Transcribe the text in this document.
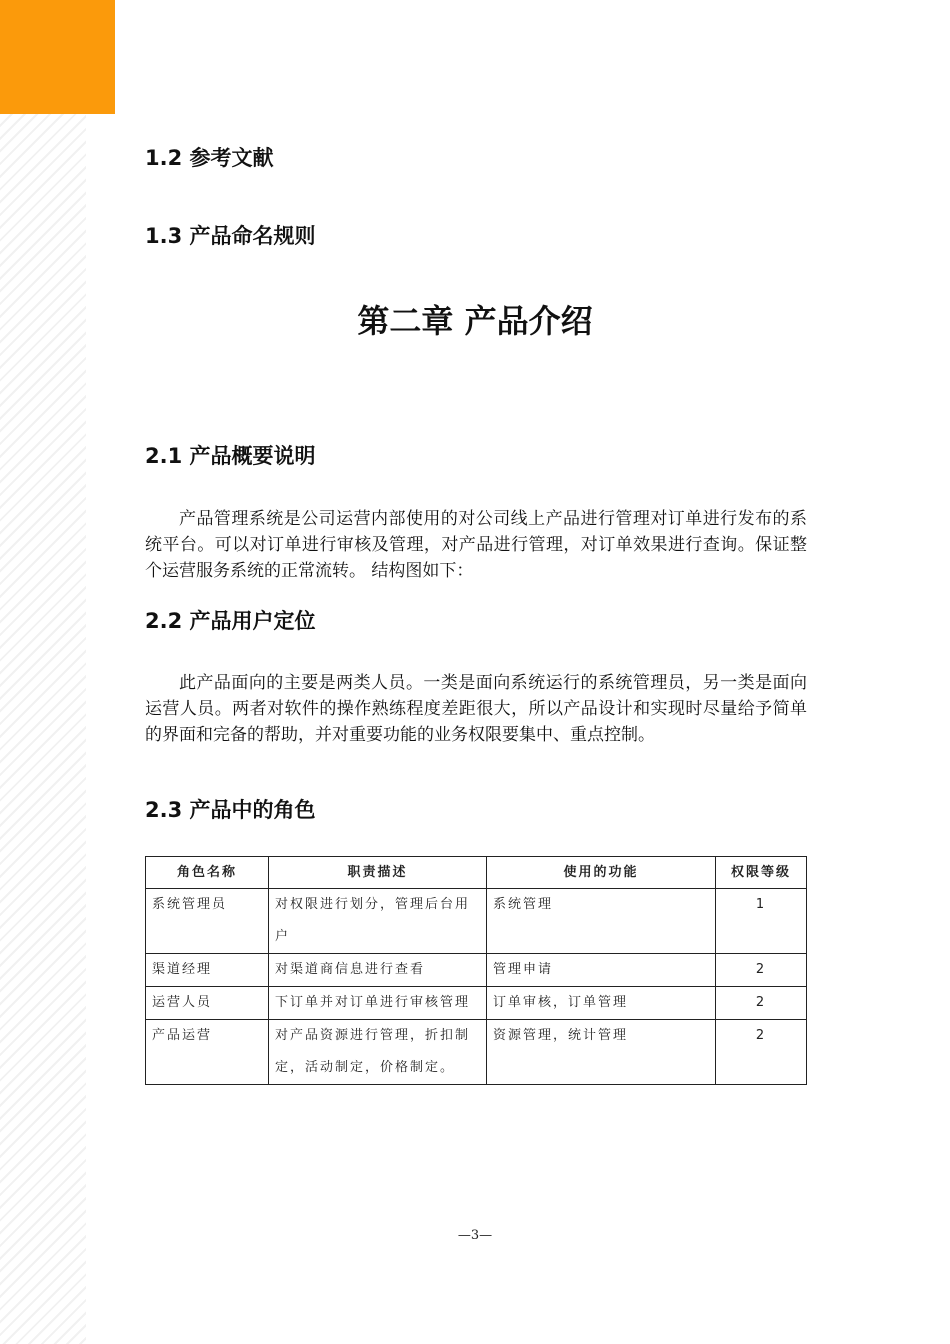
1.2 参考文献
1.3 产品命名规则
第二章 产品介绍
2.1 产品概要说明

产品管理系统是公司运营内部使用的对公司线上产品进行管理对订单进行发布的系统平台。可以对订单进行审核及管理，对产品进行管理，对订单效果进行查询。保证整个运营服务系统的正常流转。 结构图如下：

2.2 产品用户定位

此产品面向的主要是两类人员。一类是面向系统运行的系统管理员，另一类是面向运营人员。两者对软件的操作熟练程度差距很大，所以产品设计和实现时尽量给予简单的界面和完备的帮助，并对重要功能的业务权限要集中、重点控制。

2.3 产品中的角色
角色名称	职责描述	使用的功能	权限等级
系统管理员	对权限进行划分，管理后台用户	系统管理	1
渠道经理	对渠道商信息进行查看	管理申请	2
运营人员	下订单并对订单进行审核管理	订单审核，订单管理	2
产品运营	对产品资源进行管理，折扣制定，活动制定，价格制定。	资源管理，统计管理	2
—3—
